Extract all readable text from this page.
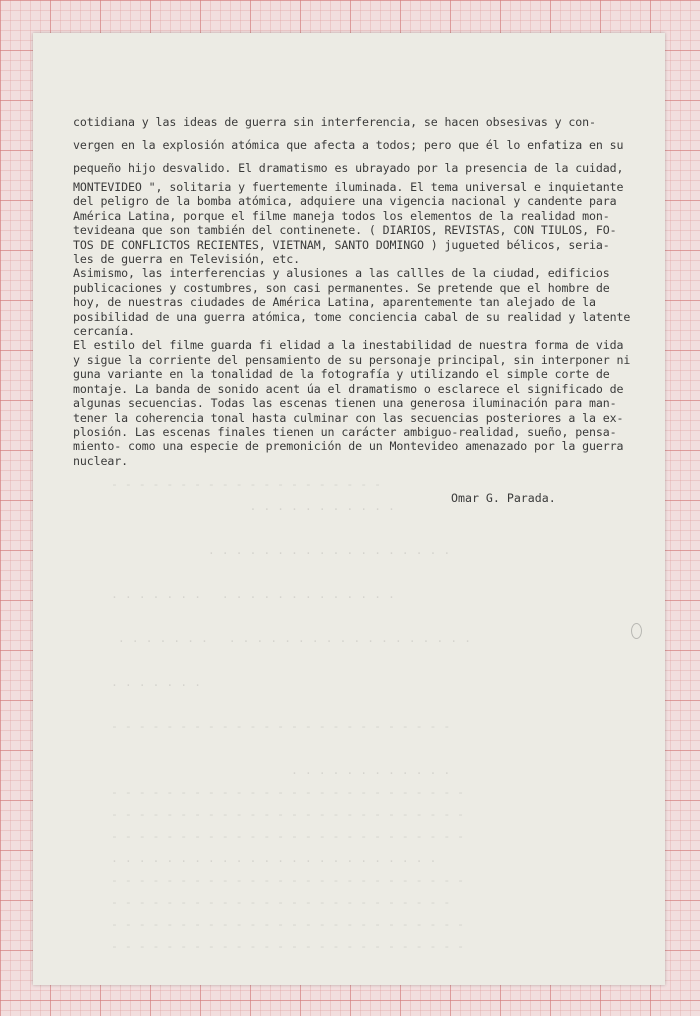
- - - - - - - - - - - - - - - - - - - -
. . . . . . . . . . .

. . . . . . . . . . . . . . . . . .

. . . . . . .   . . . . . . . . . . . . .

. . . . . . .   . . . . . . . . . . . . . . . . . .

. . . . . . .

- - - - - - - - - - - - - - - - - - - - - - - - -

. . . . . . . . . . . .
- - - - - - - - - - - - - - - - - - - - - - - - - -
- - - - - - - - - - - - - - - - - - - - - - - - - -
- - - - - - - - - - - - - - - - - - - - - - - - - -
. . . . . . . . . . . . . . . . . . . . . . . .
- - - - - - - - - - - - - - - - - - - - - - - - - -
- - - - - - - - - - - - - - - - - - - - - - - - -
- - - - - - - - - - - - - - - - - - - - - - - - - -
- - - - - - - - - - - - - - - - - - - - - - - - - -

cotidiana y las ideas de guerra sin interferencia, se hacen obsesivas y con-
vergen en la explosión atómica que afecta a todos; pero que él lo enfatiza en su
pequeño hijo desvalido. El dramatismo es ubrayado por la presencia de la cuidad,
MONTEVIDEO ", solitaria y fuertemente iluminada. El tema universal e inquietante
del peligro de la bomba atómica, adquiere una vigencia nacional y candente para
América Latina, porque el filme maneja todos los elementos de la realidad mon-
tevideana que son también del continenete. ( DIARIOS, REVISTAS, CON TIULOS, FO-
TOS DE CONFLICTOS RECIENTES, VIETNAM, SANTO DOMINGO ) jugueted bélicos, seria-
les de guerra en Televisión, etc.

Asimismo, las interferencias y alusiones a las callles de la ciudad, edificios
publicaciones y costumbres, son casi permanentes. Se pretende que el hombre de
hoy, de nuestras ciudades de América Latina, aparentemente tan alejado de la
posibilidad de una guerra atómica, tome conciencia cabal de su realidad y latente
cercanía.

El estilo del filme guarda fi elidad a la inestabilidad de nuestra forma de vida
y sigue la corriente del pensamiento de su personaje principal, sin interponer ni
guna variante en la tonalidad de la fotografía y utilizando el simple corte de
montaje. La banda de sonido acent úa el dramatismo o esclarece el significado de
algunas secuencias. Todas las escenas tienen una generosa iluminación para man-
tener la coherencia tonal hasta culminar con las secuencias posteriores a la ex-
plosión. Las escenas finales tienen un carácter ambiguo-realidad, sueño, pensa-
miento- como una especie de premonición de un Montevideo amenazado por la guerra
nuclear.

Omar G. Parada.
